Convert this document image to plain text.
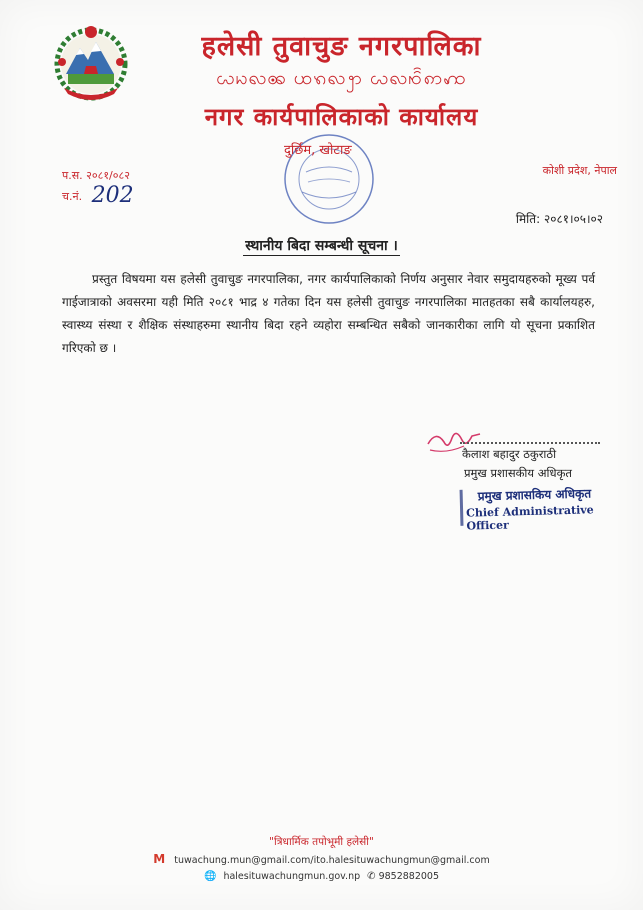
हलेसी तुवाचुङ नगरपालिका
ꩬꩢꩮꩩ ꩤꩫꩮꩭ ꩬꩮꩯꩰꩱꩲ
नगर कार्यपालिकाको कार्यालय
दुर्छिम, खोटाङ
कोशी प्रदेश, नेपाल
प.स. २०८१/०८२
च.नं. 202
मिति: २०८१।०५।०२
स्थानीय बिदा सम्बन्धी सूचना ।

प्रस्तुत विषयमा यस हलेसी तुवाचुङ नगरपालिका, नगर कार्यपालिकाको निर्णय अनुसार नेवार समुदायहरुको मूख्य पर्व गाईजात्राको अवसरमा यही मिति २०८१ भाद्र ४ गतेका दिन यस हलेसी तुवाचुङ नगरपालिका मातहतका सबै कार्यालयहरु, स्वास्थ्य संस्था र शैक्षिक संस्थाहरुमा स्थानीय बिदा रहने व्यहोरा सम्बन्धित सबैको जानकारीका लागि यो सूचना प्रकाशित गरिएको छ ।

कैलाश बहादुर ठकुराठी
प्रमुख प्रशासकीय अधिकृत
प्रमुख प्रशासकिय अधिकृत
Chief Administrative Officer
"त्रिधार्मिक तपोभूमी हलेसी"
M tuwachung.mun@gmail.com/ito.halesituwachungmun@gmail.com
🌐 halesituwachungmun.gov.np ✆ 9852882005
